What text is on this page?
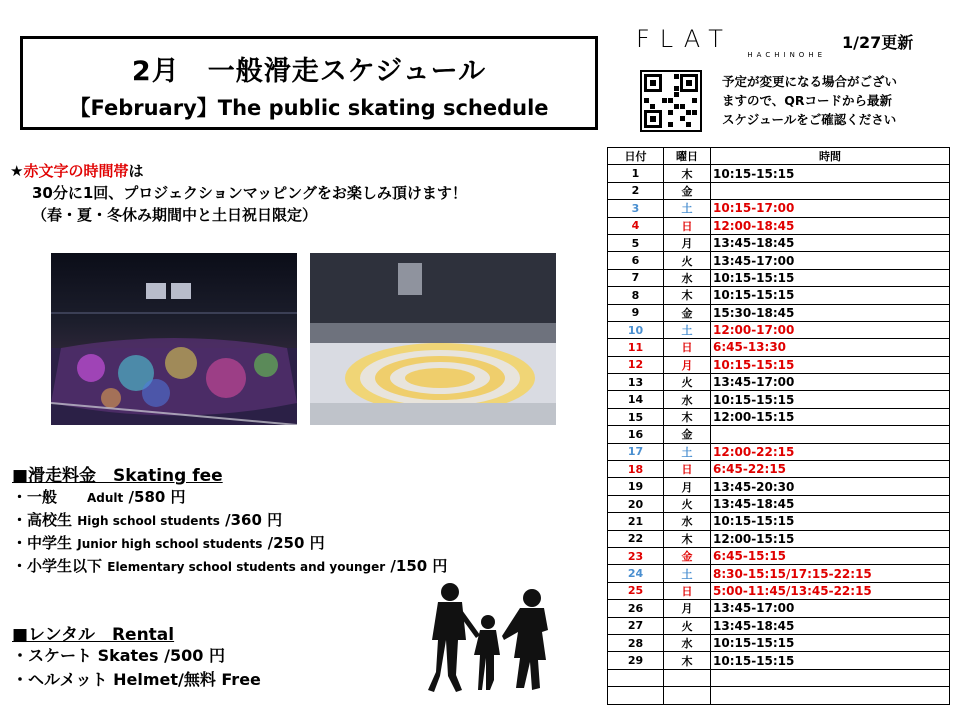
2月　一般滑走スケジュール
【February】The public skating schedule
FLAT
HACHINOHE
1/27更新
予定が変更になる場合がござい
ますので、QRコードから最新
スケジュールをご確認ください
★赤文字の時間帯は
30分に1回、プロジェクションマッピングをお楽しみ頂けます！
（春・夏・冬休み期間中と土日祝日限定）
■滑走料金　Skating fee
・一般	Adult /580 円
・高校生 High school students /360 円
・中学生 Junior high school students /250 円
・小学生以下 Elementary school students and younger /150 円
■レンタル　Rental
・スケート Skates /500 円
・ヘルメット Helmet/無料 Free
日付	曜日	時間
1	木	10:15-15:15
2	金	
3	土	10:15-17:00
4	日	12:00-18:45
5	月	13:45-18:45
6	火	13:45-17:00
7	水	10:15-15:15
8	木	10:15-15:15
9	金	15:30-18:45
10	土	12:00-17:00
11	日	6:45-13:30
12	月	10:15-15:15
13	火	13:45-17:00
14	水	10:15-15:15
15	木	12:00-15:15
16	金	
17	土	12:00-22:15
18	日	6:45-22:15
19	月	13:45-20:30
20	火	13:45-18:45
21	水	10:15-15:15
22	木	12:00-15:15
23	金	6:45-15:15
24	土	8:30-15:15/17:15-22:15
25	日	5:00-11:45/13:45-22:15
26	月	13:45-17:00
27	火	13:45-18:45
28	水	10:15-15:15
29	木	10:15-15:15
